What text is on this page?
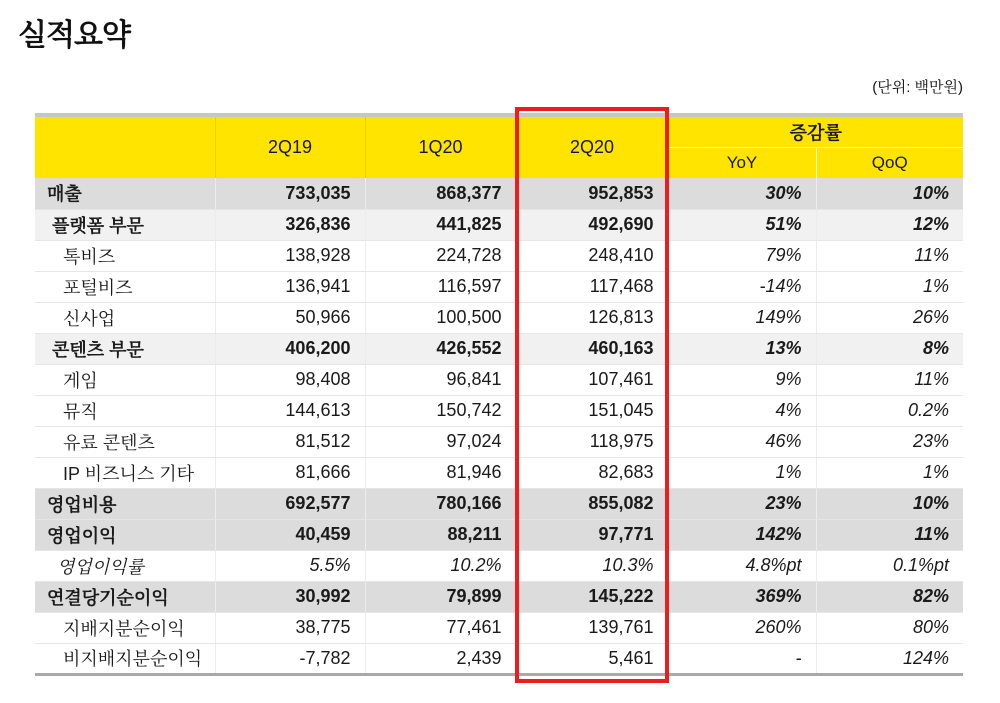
실적요약
(단위: 백만원)
	2Q19	1Q20	2Q20	증감률	
				YoY	QoQ
매출	733,035	868,377	952,853	30%	10%
플랫폼 부문	326,836	441,825	492,690	51%	12%
톡비즈	138,928	224,728	248,410	79%	11%
포털비즈	136,941	116,597	117,468	-14%	1%
신사업	50,966	100,500	126,813	149%	26%
콘텐츠 부문	406,200	426,552	460,163	13%	8%
게임	98,408	96,841	107,461	9%	11%
뮤직	144,613	150,742	151,045	4%	0.2%
유료 콘텐츠	81,512	97,024	118,975	46%	23%
IP 비즈니스 기타	81,666	81,946	82,683	1%	1%
영업비용	692,577	780,166	855,082	23%	10%
영업이익	40,459	88,211	97,771	142%	11%
영업이익률	5.5%	10.2%	10.3%	4.8%pt	0.1%pt
연결당기순이익	30,992	79,899	145,222	369%	82%
지배지분순이익	38,775	77,461	139,761	260%	80%
비지배지분순이익	-7,782	2,439	5,461	-	124%
